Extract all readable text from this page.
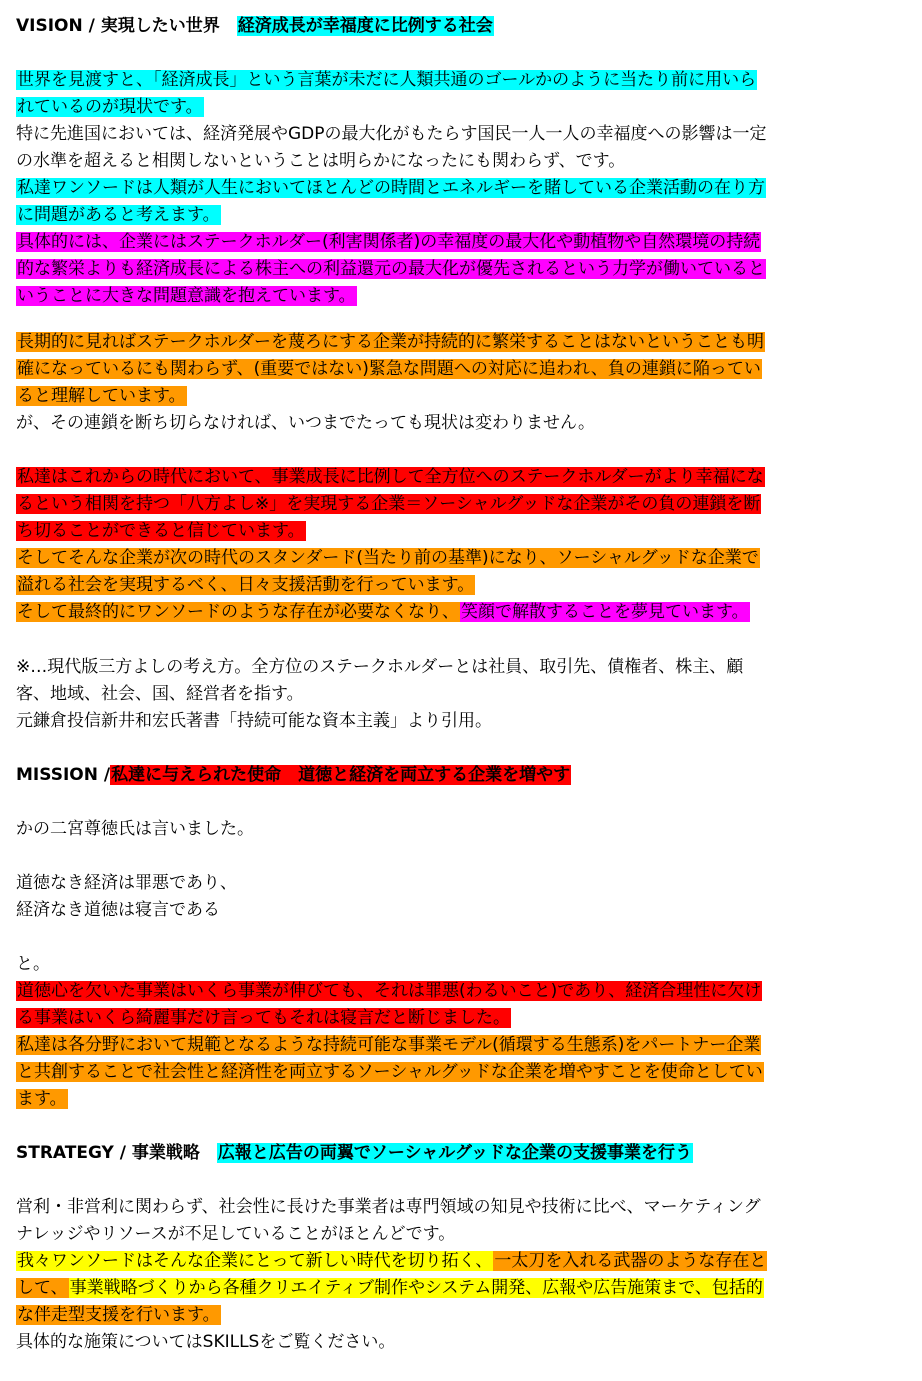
VISION / 実現したい世界　 経済成長が幸福度に比例する社会
世界を見渡すと、「経済成長」という言葉が未だに人類共通のゴールかのように当たり前に用いら
れているのが現状です。
特に先進国においては、経済発展やGDPの最大化がもたらす国民一人一人の幸福度への影響は一定
の水準を超えると相関しないということは明らかになったにも関わらず、です。
私達ワンソードは人類が人生においてほとんどの時間とエネルギーを賭している企業活動の在り方
に問題があると考えます。
具体的には、企業にはステークホルダー(利害関係者)の幸福度の最大化や動植物や自然環境の持続
的な繁栄よりも経済成長による株主への利益還元の最大化が優先されるという力学が働いていると
いうことに大きな問題意識を抱えています。
長期的に見ればステークホルダーを蔑ろにする企業が持続的に繁栄することはないということも明
確になっているにも関わらず、(重要ではない)緊急な問題への対応に追われ、負の連鎖に陥ってい
ると理解しています。
が、その連鎖を断ち切らなければ、いつまでたっても現状は変わりません。
私達はこれからの時代において、事業成長に比例して全方位へのステークホルダーがより幸福にな
るという相関を持つ「八方よし※」を実現する企業＝ソーシャルグッドな企業がその負の連鎖を断
ち切ることができると信じています。
そしてそんな企業が次の時代のスタンダード(当たり前の基準)になり、ソーシャルグッドな企業で
溢れる社会を実現するべく、日々支援活動を行っています。
そして最終的にワンソードのような存在が必要なくなり、 笑顔で解散することを夢見ています。
※…現代版三方よしの考え方。全方位のステークホルダーとは社員、取引先、債権者、株主、顧
客、地域、社会、国、経営者を指す。
元鎌倉投信新井和宏氏著書「持続可能な資本主義」より引用。
MISSION /私達に与えられた使命　道徳と経済を両立する企業を増やす
かの二宮尊徳氏は言いました。
道徳なき経済は罪悪であり、
経済なき道徳は寝言である
と。
道徳心を欠いた事業はいくら事業が伸びても、それは罪悪(わるいこと)であり、経済合理性に欠け
る事業はいくら綺麗事だけ言ってもそれは寝言だと断じました。
私達は各分野において規範となるような持続可能な事業モデル(循環する生態系)をパートナー企業
と共創することで社会性と経済性を両立するソーシャルグッドな企業を増やすことを使命としてい
ます。
STRATEGY / 事業戦略　 広報と広告の両翼でソーシャルグッドな企業の支援事業を行う
営利・非営利に関わらず、社会性に長けた事業者は専門領域の知見や技術に比べ、マーケティング
ナレッジやリソースが不足していることがほとんどです。
我々ワンソードはそんな企業にとって新しい時代を切り拓く、 一太刀を入れる武器のような存在と
して、 事業戦略づくりから各種クリエイティブ制作やシステム開発、広報や広告施策まで、包括的
な伴走型支援を行います。
具体的な施策についてはSKILLSをご覧ください。
